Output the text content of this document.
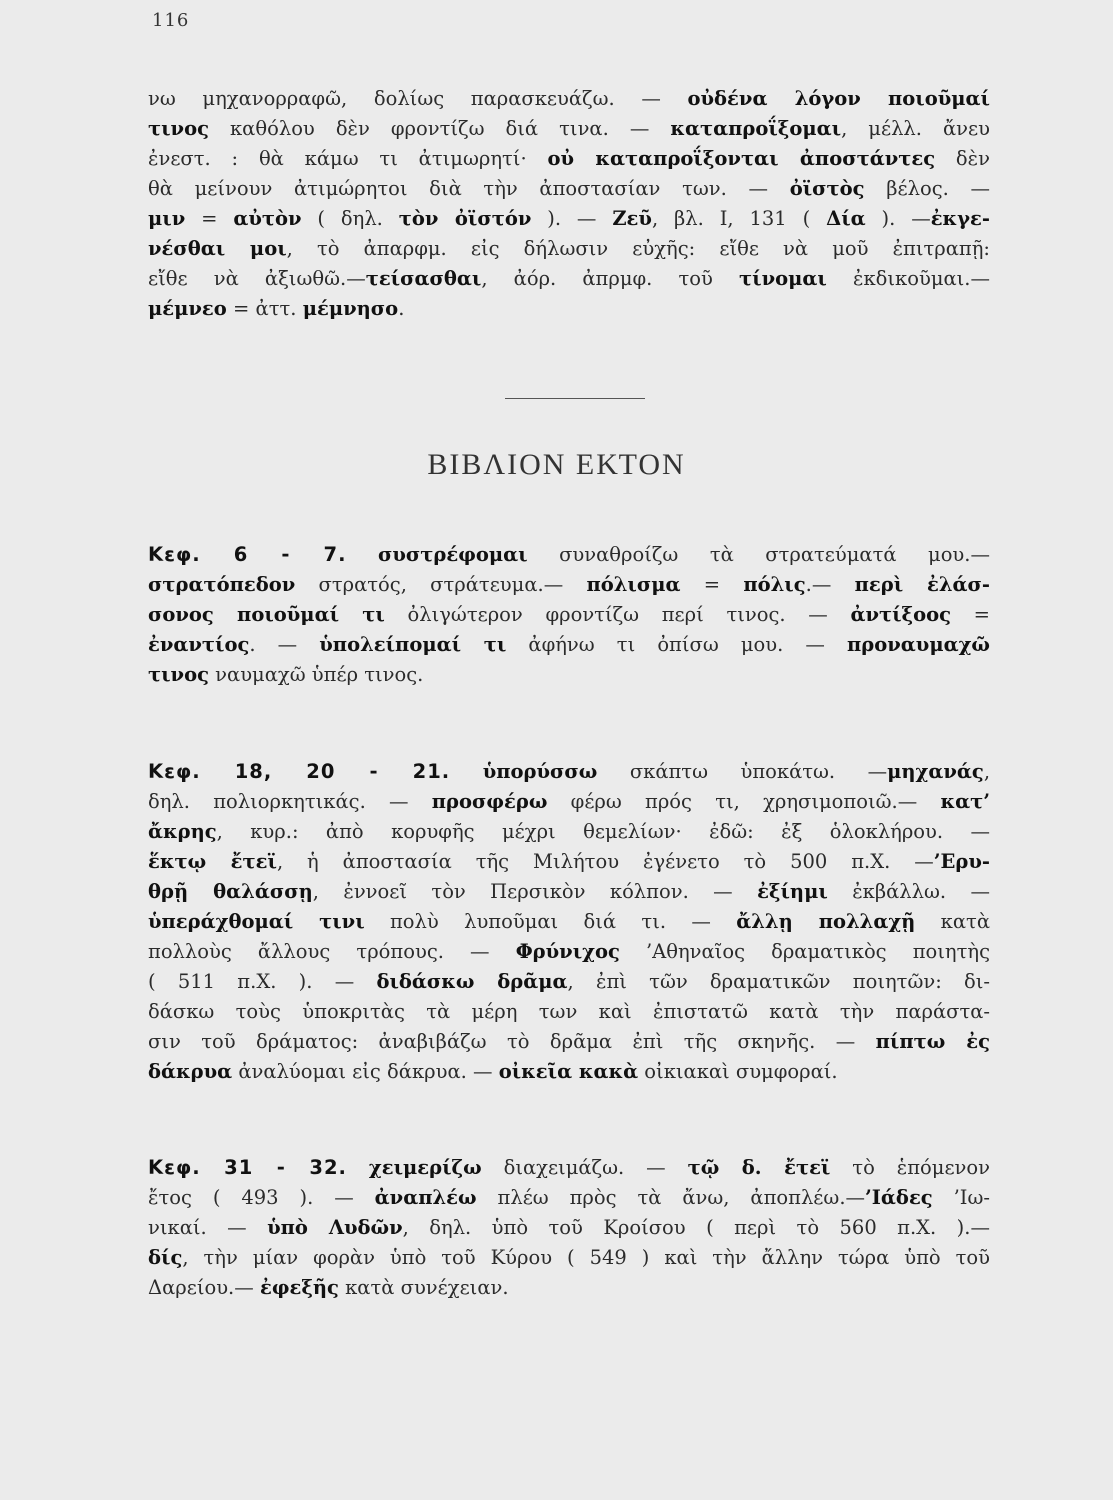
116
νω μηχανορραφῶ, δολίως παρασκευάζω. — οὐδένα λόγον ποιοῦμαί
τινος καθόλου δὲν φροντίζω διά τινα. — καταπροΐξομαι, μέλλ. ἄνευ
ἐνεστ. : θὰ κάμω τι ἀτιμωρητί· οὐ καταπροΐξονται ἀποστάντες δὲν
θὰ μείνουν ἀτιμώρητοι διὰ τὴν ἀποστασίαν των. — ὀϊστὸς βέλος. —
μιν = αὐτὸν ( δηλ. τὸν ὀϊστόν ). — Ζεῦ, βλ. Ι, 131 ( Δία ). —ἐκγε-
νέσθαι μοι, τὸ ἀπαρφμ. εἰς δήλωσιν εὐχῆς: εἴθε νὰ μοῦ ἐπιτραπῇ:
εἴθε νὰ ἀξιωθῶ.—τείσασθαι, ἀόρ. ἀπρμφ. τοῦ τίνομαι ἐκδικοῦμαι.—
μέμνεο = ἀττ. μέμνησο.
ΒΙΒΛΙΟΝ ΕΚΤΟΝ
Κεφ. 6 - 7. συστρέφομαι συναθροίζω τὰ στρατεύματά μου.—
στρατόπεδον στρατός, στράτευμα.— πόλισμα = πόλις.— περὶ ἐλάσ-
σονος ποιοῦμαί τι ὀλιγώτερον φροντίζω περί τινος. — ἀντίξοος =
ἐναντίος. — ὑπολείπομαί τι ἀφήνω τι ὀπίσω μου. — προναυμαχῶ
τινος ναυμαχῶ ὑπέρ τινος.
Κεφ. 18, 20 - 21. ὑπορύσσω σκάπτω ὑποκάτω. —μηχανάς,
δηλ. πολιορκητικάς. — προσφέρω φέρω πρός τι, χρησιμοποιῶ.— κατ’
ἄκρης, κυρ.: ἀπὸ κορυφῆς μέχρι θεμελίων· ἐδῶ: ἐξ ὁλοκλήρου. —
ἕκτῳ ἔτεϊ, ἡ ἀποστασία τῆς Μιλήτου ἐγένετο τὸ 500 π.Χ. —’Ερυ-
θρῇ θαλάσσῃ, ἐννοεῖ τὸν Περσικὸν κόλπον. — ἐξίημι ἐκβάλλω. —
ὑπεράχθομαί τινι πολὺ λυποῦμαι διά τι. — ἄλλῃ πολλαχῇ κατὰ
πολλοὺς ἄλλους τρόπους. — Φρύνιχος ’Αθηναῖος δραματικὸς ποιητὴς
( 511 π.Χ. ). — διδάσκω δρᾶμα, ἐπὶ τῶν δραματικῶν ποιητῶν: δι-
δάσκω τοὺς ὑποκριτὰς τὰ μέρη των καὶ ἐπιστατῶ κατὰ τὴν παράστα-
σιν τοῦ δράματος: ἀναβιβάζω τὸ δρᾶμα ἐπὶ τῆς σκηνῆς. — πίπτω ἐς
δάκρυα ἀναλύομαι εἰς δάκρυα. — οἰκεῖα κακὰ οἰκιακαὶ συμφοραί.
Κεφ. 31 - 32. χειμερίζω διαχειμάζω. — τῷ δ. ἔτεϊ τὸ ἑπόμενον
ἔτος ( 493 ). — ἀναπλέω πλέω πρὸς τὰ ἄνω, ἀποπλέω.—’Ιάδες ’Ιω-
νικαί. — ὑπὸ Λυδῶν, δηλ. ὑπὸ τοῦ Κροίσου ( περὶ τὸ 560 π.Χ. ).—
δίς, τὴν μίαν φορὰν ὑπὸ τοῦ Κύρου ( 549 ) καὶ τὴν ἄλλην τώρα ὑπὸ τοῦ
Δαρείου.— ἐφεξῆς κατὰ συνέχειαν.
